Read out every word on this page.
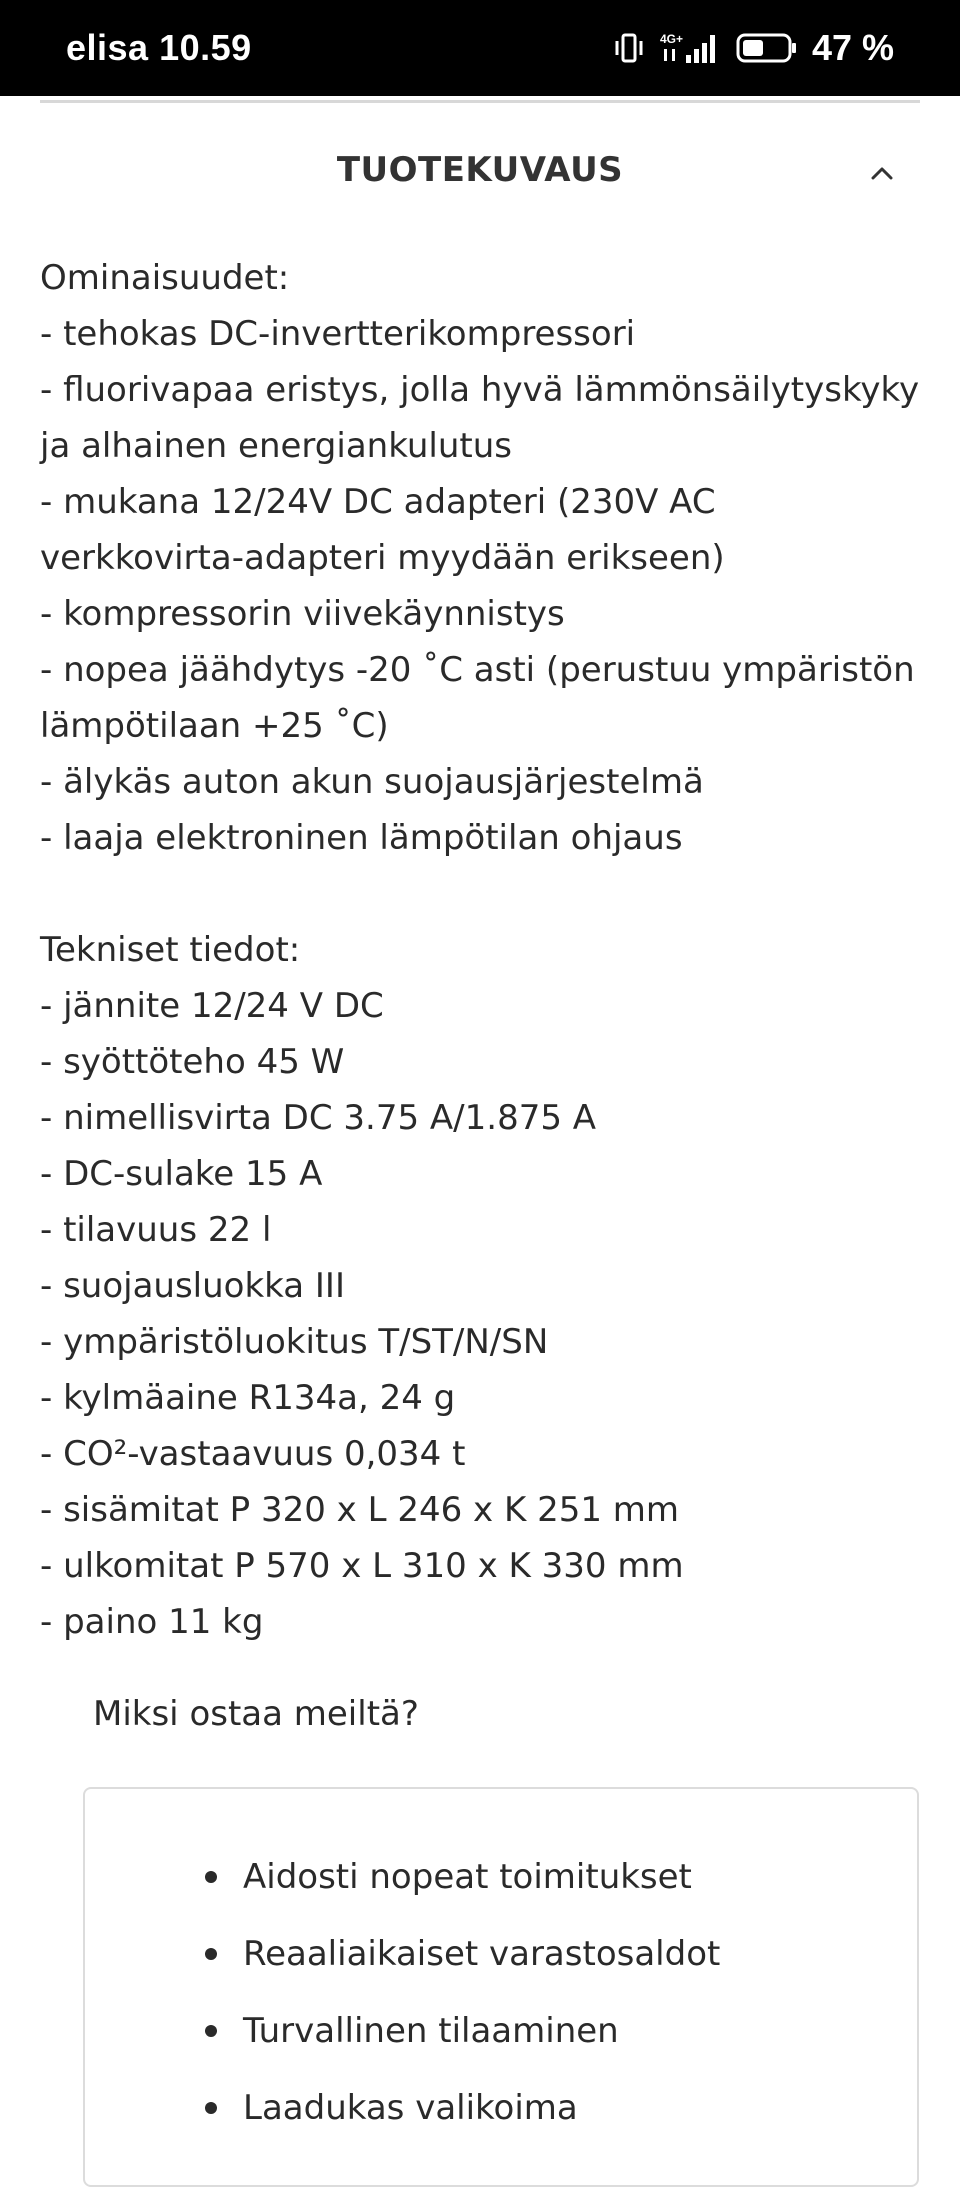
elisa 10.59	4G+	47 %
TUOTEKUVAUS

Ominaisuudet:

- tehokas DC-invertterikompressori

- fluorivapaa eristys, jolla hyvä lämmönsäilytyskyky ja alhainen energiankulutus

- mukana 12/24V DC adapteri (230V AC verkkovirta-adapteri myydään erikseen)

- kompressorin viivekäynnistys

- nopea jäähdytys -20 ˚C asti (perustuu ympäristön lämpötilaan +25 ˚C)

- älykäs auton akun suojausjärjestelmä

- laaja elektroninen lämpötilan ohjaus

Tekniset tiedot:

- jännite 12/24 V DC

- syöttöteho 45 W

- nimellisvirta DC 3.75 A/1.875 A

- DC-sulake 15 A

- tilavuus 22 l

- suojausluokka III

- ympäristöluokitus T/ST/N/SN

- kylmäaine R134a, 24 g

- CO²-vastaavuus 0,034 t

- sisämitat P 320 x L 246 x K 251 mm

- ulkomitat P 570 x L 310 x K 330 mm

- paino 11 kg

Miksi ostaa meiltä?
Aidosti nopeat toimitukset
Reaaliaikaiset varastosaldot
Turvallinen tilaaminen
Laadukas valikoima
